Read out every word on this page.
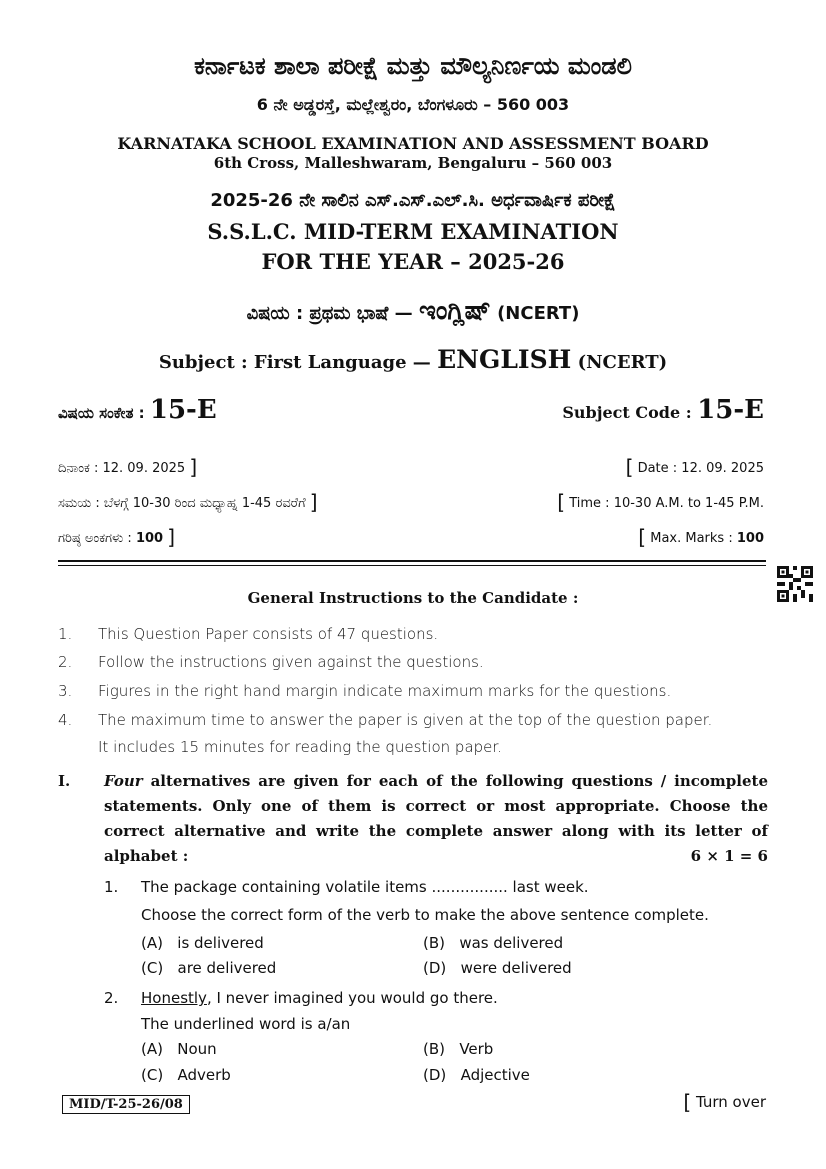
ಕರ್ನಾಟಕ ಶಾಲಾ ಪರೀಕ್ಷೆ ಮತ್ತು ಮೌಲ್ಯನಿರ್ಣಯ ಮಂಡಲಿ
6 ನೇ ಅಡ್ಡರಸ್ತೆ, ಮಲ್ಲೇಶ್ವರಂ, ಬೆಂಗಳೂರು – 560 003
KARNATAKA SCHOOL EXAMINATION AND ASSESSMENT BOARD
6th Cross, Malleshwaram, Bengaluru – 560 003
2025-26 ನೇ ಸಾಲಿನ ಎಸ್.ಎಸ್.ಎಲ್.ಸಿ. ಅರ್ಧವಾರ್ಷಿಕ ಪರೀಕ್ಷೆ
S.S.L.C. MID-TERM EXAMINATION
FOR THE YEAR – 2025-26
ವಿಷಯ : ಪ್ರಥಮ ಭಾಷೆ — ಇಂಗ್ಲಿಷ್ (NCERT)
Subject : First Language — ENGLISH (NCERT)
ವಿಷಯ ಸಂಕೇತ : 15-E	Subject Code : 15-E
ದಿನಾಂಕ : 12. 09. 2025 ]	[ Date : 12. 09. 2025
ಸಮಯ : ಬೆಳಗ್ಗೆ 10-30 ರಿಂದ ಮಧ್ಯಾಹ್ನ 1-45 ರವರೆಗೆ ]	[ Time : 10-30 A.M. to 1-45 P.M.
ಗರಿಷ್ಠ ಅಂಕಗಳು : 100 ]	[ Max. Marks : 100
General Instructions to the Candidate :
1. This Question Paper consists of 47 questions.
2. Follow the instructions given against the questions.
3. Figures in the right hand margin indicate maximum marks for the questions.
4. The maximum time to answer the paper is given at the top of the question paper.
It includes 15 minutes for reading the question paper.
I. Four alternatives are given for each of the following questions / incomplete statements. Only one of them is correct or most appropriate. Choose the correct alternative and write the complete answer along with its letter of alphabet :	6 × 1 = 6
1. The package containing volatile items ................ last week.
Choose the correct form of the verb to make the above sentence complete.
(A) is delivered	(B) was delivered
(C) are delivered	(D) were delivered
2. Honestly, I never imagined you would go there.
The underlined word is a/an
(A) Noun	(B) Verb
(C) Adverb	(D) Adjective
MID/T-25-26/08	[ Turn over
